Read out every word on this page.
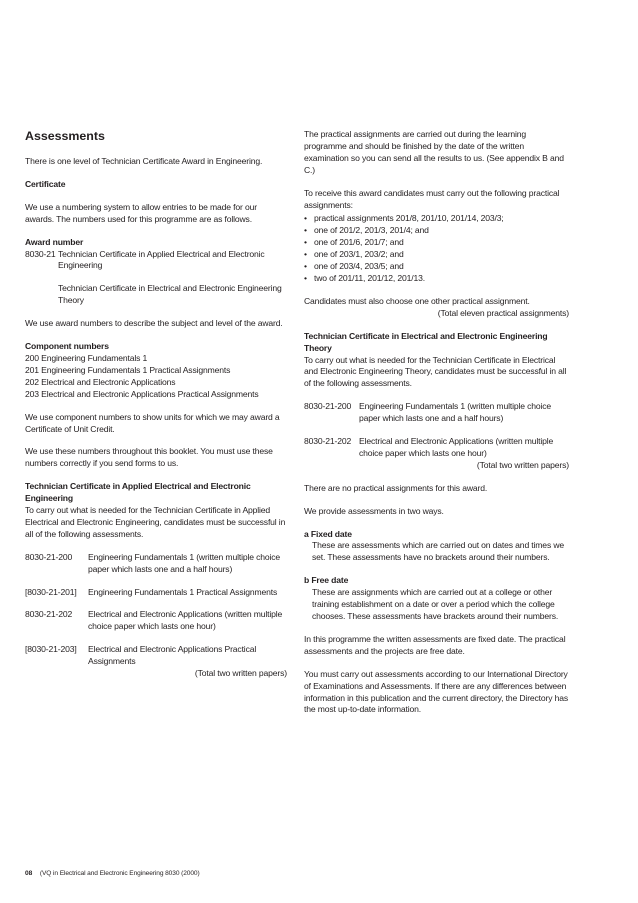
Assessments

There is one level of Technician Certificate Award in Engineering.

Certificate

We use a numbering system to allow entries to be made for our awards. The numbers used for this programme are as follows.

Award number
8030-21 Technician Certificate in Applied Electrical and Electronic Engineering
Technician Certificate in Electrical and Electronic Engineering Theory

We use award numbers to describe the subject and level of the award.

Component numbers
200 Engineering Fundamentals 1
201 Engineering Fundamentals 1 Practical Assignments
202 Electrical and Electronic Applications
203 Electrical and Electronic Applications Practical Assignments

We use component numbers to show units for which we may award a Certificate of Unit Credit.

We use these numbers throughout this booklet. You must use these numbers correctly if you send forms to us.

Technician Certificate in Applied Electrical and Electronic Engineering
To carry out what is needed for the Technician Certificate in Applied Electrical and Electronic Engineering, candidates must be successful in all of the following assessments.
8030-21-200	Engineering Fundamentals 1 (written multiple choice paper which lasts one and a half hours)
[8030-21-201]	Engineering Fundamentals 1 Practical Assignments
8030-21-202	Electrical and Electronic Applications (written multiple choice paper which lasts one hour)
[8030-21-203]	Electrical and Electronic Applications Practical Assignments
(Total two written papers)

The practical assignments are carried out during the learning programme and should be finished by the date of the written examination so you can send all the results to us. (See appendix B and C.)

To receive this award candidates must carry out the following practical assignments:

• practical assignments 201/8, 201/10, 201/14, 203/3;
• one of 201/2, 201/3, 201/4; and
• one of 201/6, 201/7; and
• one of 203/1, 203/2; and
• one of 203/4, 203/5; and
• two of 201/11, 201/12, 201/13.
Candidates must also choose one other practical assignment.
(Total eleven practical assignments)
Technician Certificate in Electrical and Electronic Engineering Theory
To carry out what is needed for the Technician Certificate in Electrical and Electronic Engineering Theory, candidates must be successful in all of the following assessments.
8030-21-200 Engineering Fundamentals 1 (written multiple choice paper which lasts one and a half hours)
8030-21-202 Electrical and Electronic Applications (written multiple choice paper which lasts one hour)
(Total two written papers)

There are no practical assignments for this award.

We provide assessments in two ways.

a Fixed date
These are assessments which are carried out on dates and times we set. These assessments have no brackets around their numbers.
b Free date
These are assignments which are carried out at a college or other training establishment on a date or over a period which the college chooses. These assessments have brackets around their numbers.

In this programme the written assessments are fixed date. The practical assessments and the projects are free date.

You must carry out assessments according to our International Directory of Examinations and Assessments. If there are any differences between information in this publication and the current directory, the Directory has the most up-to-date information.

08 (VQ in Electrical and Electronic Engineering 8030 (2000)
